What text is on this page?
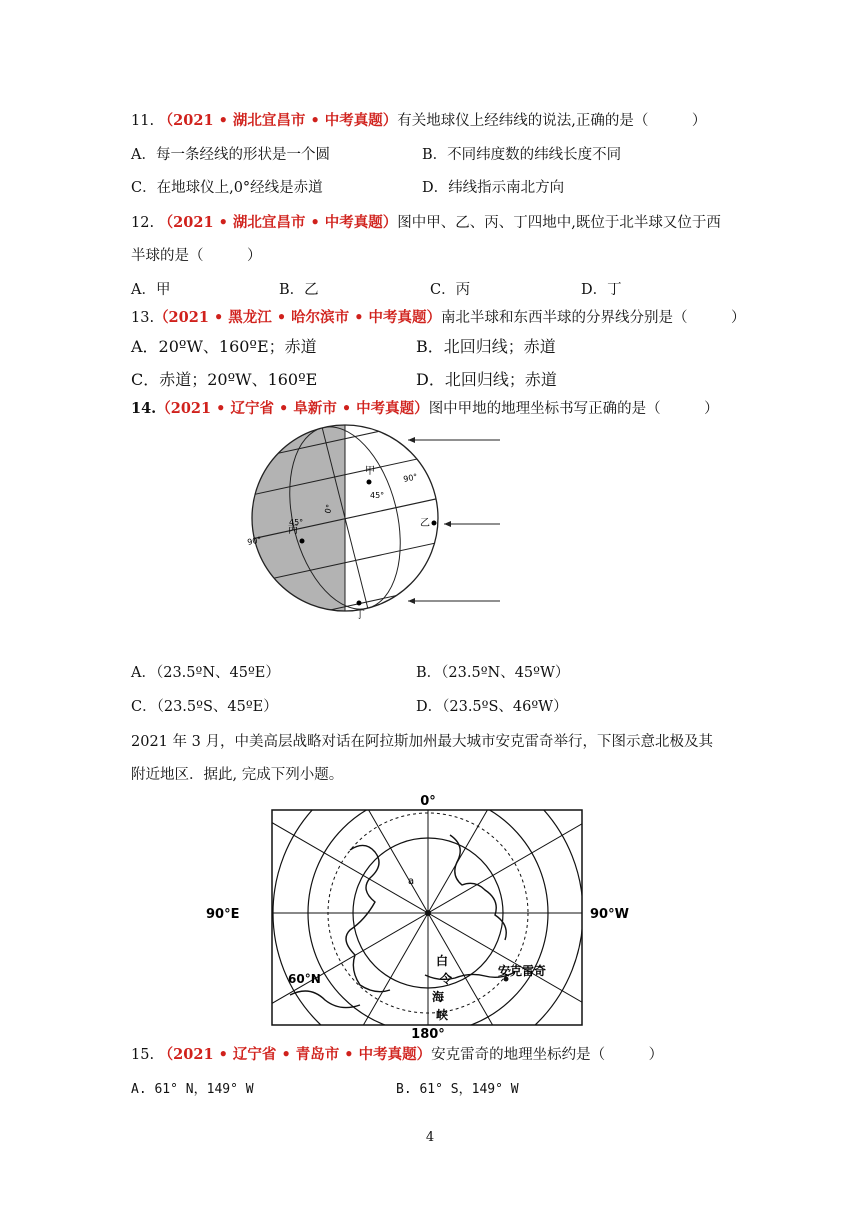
11. （2021 • 湖北宜昌市 • 中考真题）有关地球仪上经纬线的说法,正确的是（　　　）
A．每一条经线的形状是一个圆	B．不同纬度数的纬线长度不同
C．在地球仪上,0°经线是赤道	D．纬线指示南北方向
12. （2021 • 湖北宜昌市 • 中考真题）图中甲、乙、丙、丁四地中,既位于北半球又位于西
半球的是（　　　）
A．甲	B．乙	C．丙	D．丁
13.（2021 • 黑龙江 • 哈尔滨市 • 中考真题）南北半球和东西半球的分界线分别是（　　　）
A．20ºW、160ºE；赤道	B．北回归线；赤道
C．赤道；20ºW、160ºE	D．北回归线；赤道
14.（2021 • 辽宁省 • 阜新市 • 中考真题）图中甲地的地理坐标书写正确的是（　　　）
甲
乙
丙
丁
90°
90°
45°
45°
0°
A．（23.5ºN、45ºE）	B．（23.5ºN、45ºW）
C．（23.5ºS、45ºE）	D．（23.5ºS、46ºW）
2021 年 3 月，中美高层战略对话在阿拉斯加州最大城市安克雷奇举行，下图示意北极及其
附近地区．据此, 完成下列小题。
0°
180°
90°E	90°W
60°N
白
令
海
峡
安克雷奇
a
15. （2021 • 辽宁省 • 青岛市 • 中考真题）安克雷奇的地理坐标约是（　　　）
A. 61° N，149° W	B. 61° S，149° W
4
